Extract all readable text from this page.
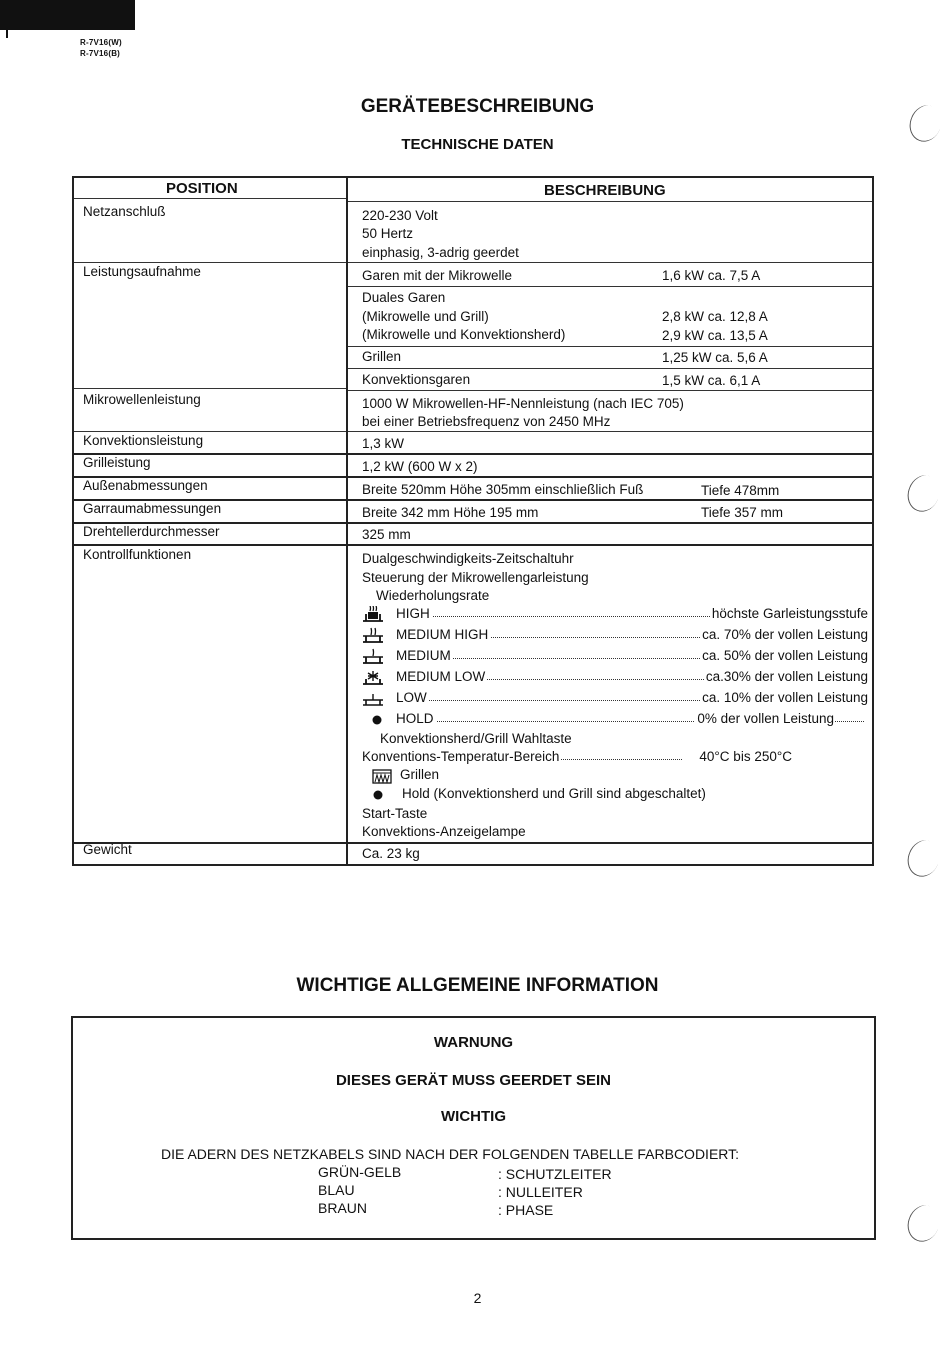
R-7V16(W)
R-7V16(B)
GERÄTEBESCHREIBUNG
TECHNISCHE DATEN
POSITION	BESCHREIBUNG
Netzanschluß	220-230 Volt
50 Hertz
einphasig, 3-adrig geerdet
Leistungsaufnahme	Garen mit der Mikrowelle	1,6 kW ca. 7,5 A
Duales Garen
(Mikrowelle und Grill)	2,8 kW ca. 12,8 A
(Mikrowelle und Konvektionsherd)	2,9 kW ca. 13,5 A
Grillen	1,25 kW ca. 5,6 A
Konvektionsgaren	1,5 kW ca. 6,1 A
Mikrowellenleistung	1000 W Mikrowellen-HF-Nennleistung (nach IEC 705)
bei einer Betriebsfrequenz von 2450 MHz
Konvektionsleistung	1,3 kW
Grilleistung	1,2 kW (600 W x 2)
Außenabmessungen	Breite 520mm Höhe 305mm einschließlich Fuß	Tiefe 478mm
Garraumabmessungen	Breite 342 mm Höhe 195 mm	Tiefe 357 mm
Drehtellerdurchmesser	325 mm
Kontrollfunktionen	Dualgeschwindigkeits-Zeitschaltuhr
Steuerung der Mikrowellengarleistung
Wiederholungsrate
HIGH	höchste Garleistungsstufe
MEDIUM HIGH	ca. 70% der vollen Leistung
MEDIUM	ca. 50% der vollen Leistung
MEDIUM LOW	ca.30% der vollen Leistung
LOW	ca. 10% der vollen Leistung
HOLD	0% der vollen Leistung
Konvektionsherd/Grill Wahltaste
Konventions-Temperatur-Bereich	40°C bis 250°C
Grillen
Hold (Konvektionsherd und Grill sind abgeschaltet)
Start-Taste
Konvektions-Anzeigelampe
Gewicht	Ca. 23 kg
WICHTIGE ALLGEMEINE INFORMATION
WARNUNG
DIESES GERÄT MUSS GEERDET SEIN
WICHTIG
DIE ADERN DES NETZKABELS SIND NACH DER FOLGENDEN TABELLE FARBCODIERT:
GRÜN-GELB	: SCHUTZLEITER
BLAU	: NULLEITER
BRAUN	: PHASE
2
